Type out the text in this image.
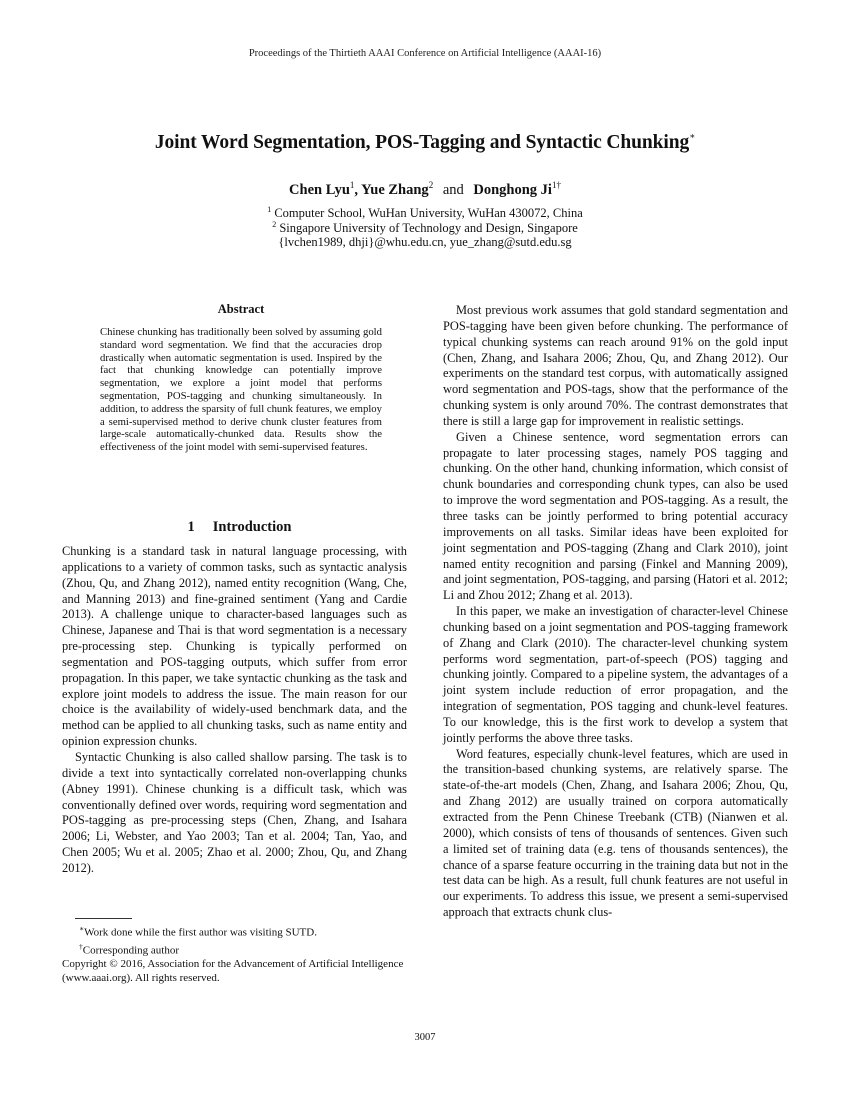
Proceedings of the Thirtieth AAAI Conference on Artificial Intelligence (AAAI-16)
Joint Word Segmentation, POS-Tagging and Syntactic Chunking∗
Chen Lyu$^1$, Yue Zhang$^2$ and Donghong $Ji^{1\dagger}$
$^1$ Computer School, WuHan University, WuHan 430072, China
$^2$ Singapore University of Technology and Design, Singapore
{lvchen1989, dhji}@whu.edu.cn, yue_zhang@sutd.edu.sg
Abstract
Chinese chunking has traditionally been solved by assuming gold standard word segmentation. We find that the accuracies drop drastically when automatic segmentation is used. Inspired by the fact that chunking knowledge can potentially improve segmentation, we explore a joint model that performs segmentation, POS-tagging and chunking simultaneously. In addition, to address the sparsity of full chunk features, we employ a semi-supervised method to derive chunk cluster features from large-scale automatically-chunked data. Results show the effectiveness of the joint model with semi-supervised features.
1 Introduction

Chunking is a standard task in natural language processing, with applications to a variety of common tasks, such as syntactic analysis (Zhou, Qu, and Zhang 2012), named entity recognition (Wang, Che, and Manning 2013) and fine-grained sentiment (Yang and Cardie 2013). A challenge unique to character-based languages such as Chinese, Japanese and Thai is that word segmentation is a necessary pre-processing step. Chunking is typically performed on segmentation and POS-tagging outputs, which suffer from error propagation. In this paper, we take syntactic chunking as the task and explore joint models to address the issue. The main reason for our choice is the availability of widely-used benchmark data, and the method can be applied to all chunking tasks, such as name entity and opinion expression chunks.

Syntactic Chunking is also called shallow parsing. The task is to divide a text into syntactically correlated non-overlapping chunks (Abney 1991). Chinese chunking is a difficult task, which was conventionally defined over words, requiring word segmentation and POS-tagging as pre-processing steps (Chen, Zhang, and Isahara 2006; Li, Webster, and Yao 2003; Tan et al. 2004; Tan, Yao, and Chen 2005; Wu et al. 2005; Zhao et al. 2000; Zhou, Qu, and Zhang 2012).

∗Work done while the first author was visiting SUTD.
†Corresponding author
Copyright © 2016, Association for the Advancement of Artificial Intelligence (www.aaai.org). All rights reserved.

Most previous work assumes that gold standard segmentation and POS-tagging have been given before chunking. The performance of typical chunking systems can reach around 91% on the gold input (Chen, Zhang, and Isahara 2006; Zhou, Qu, and Zhang 2012). Our experiments on the standard test corpus, with automatically assigned word segmentation and POS-tags, show that the performance of the chunking system is only around 70%. The contrast demonstrates that there is still a large gap for improvement in realistic settings.

Given a Chinese sentence, word segmentation errors can propagate to later processing stages, namely POS tagging and chunking. On the other hand, chunking information, which consist of chunk boundaries and corresponding chunk types, can also be used to improve the word segmentation and POS-tagging. As a result, the three tasks can be jointly performed to bring potential accuracy improvements on all tasks. Similar ideas have been exploited for joint segmentation and POS-tagging (Zhang and Clark 2010), joint named entity recognition and parsing (Finkel and Manning 2009), and joint segmentation, POS-tagging, and parsing (Hatori et al. 2012; Li and Zhou 2012; Zhang et al. 2013).

In this paper, we make an investigation of character-level Chinese chunking based on a joint segmentation and POS-tagging framework of Zhang and Clark (2010). The character-level chunking system performs word segmentation, part-of-speech (POS) tagging and chunking jointly. Compared to a pipeline system, the advantages of a joint system include reduction of error propagation, and the integration of segmentation, POS tagging and chunk-level features. To our knowledge, this is the first work to develop a system that jointly performs the above three tasks.

Word features, especially chunk-level features, which are used in the transition-based chunking systems, are relatively sparse. The state-of-the-art models (Chen, Zhang, and Isahara 2006; Zhou, Qu, and Zhang 2012) are usually trained on corpora automatically extracted from the Penn Chinese Treebank (CTB) (Nianwen et al. 2000), which consists of tens of thousands of sentences. Given such a limited set of training data (e.g. tens of thousands sentences), the chance of a sparse feature occurring in the training data but not in the test data can be high. As a result, full chunk features are not useful in our experiments. To address this issue, we present a semi-supervised approach that extracts chunk clus-

3007
